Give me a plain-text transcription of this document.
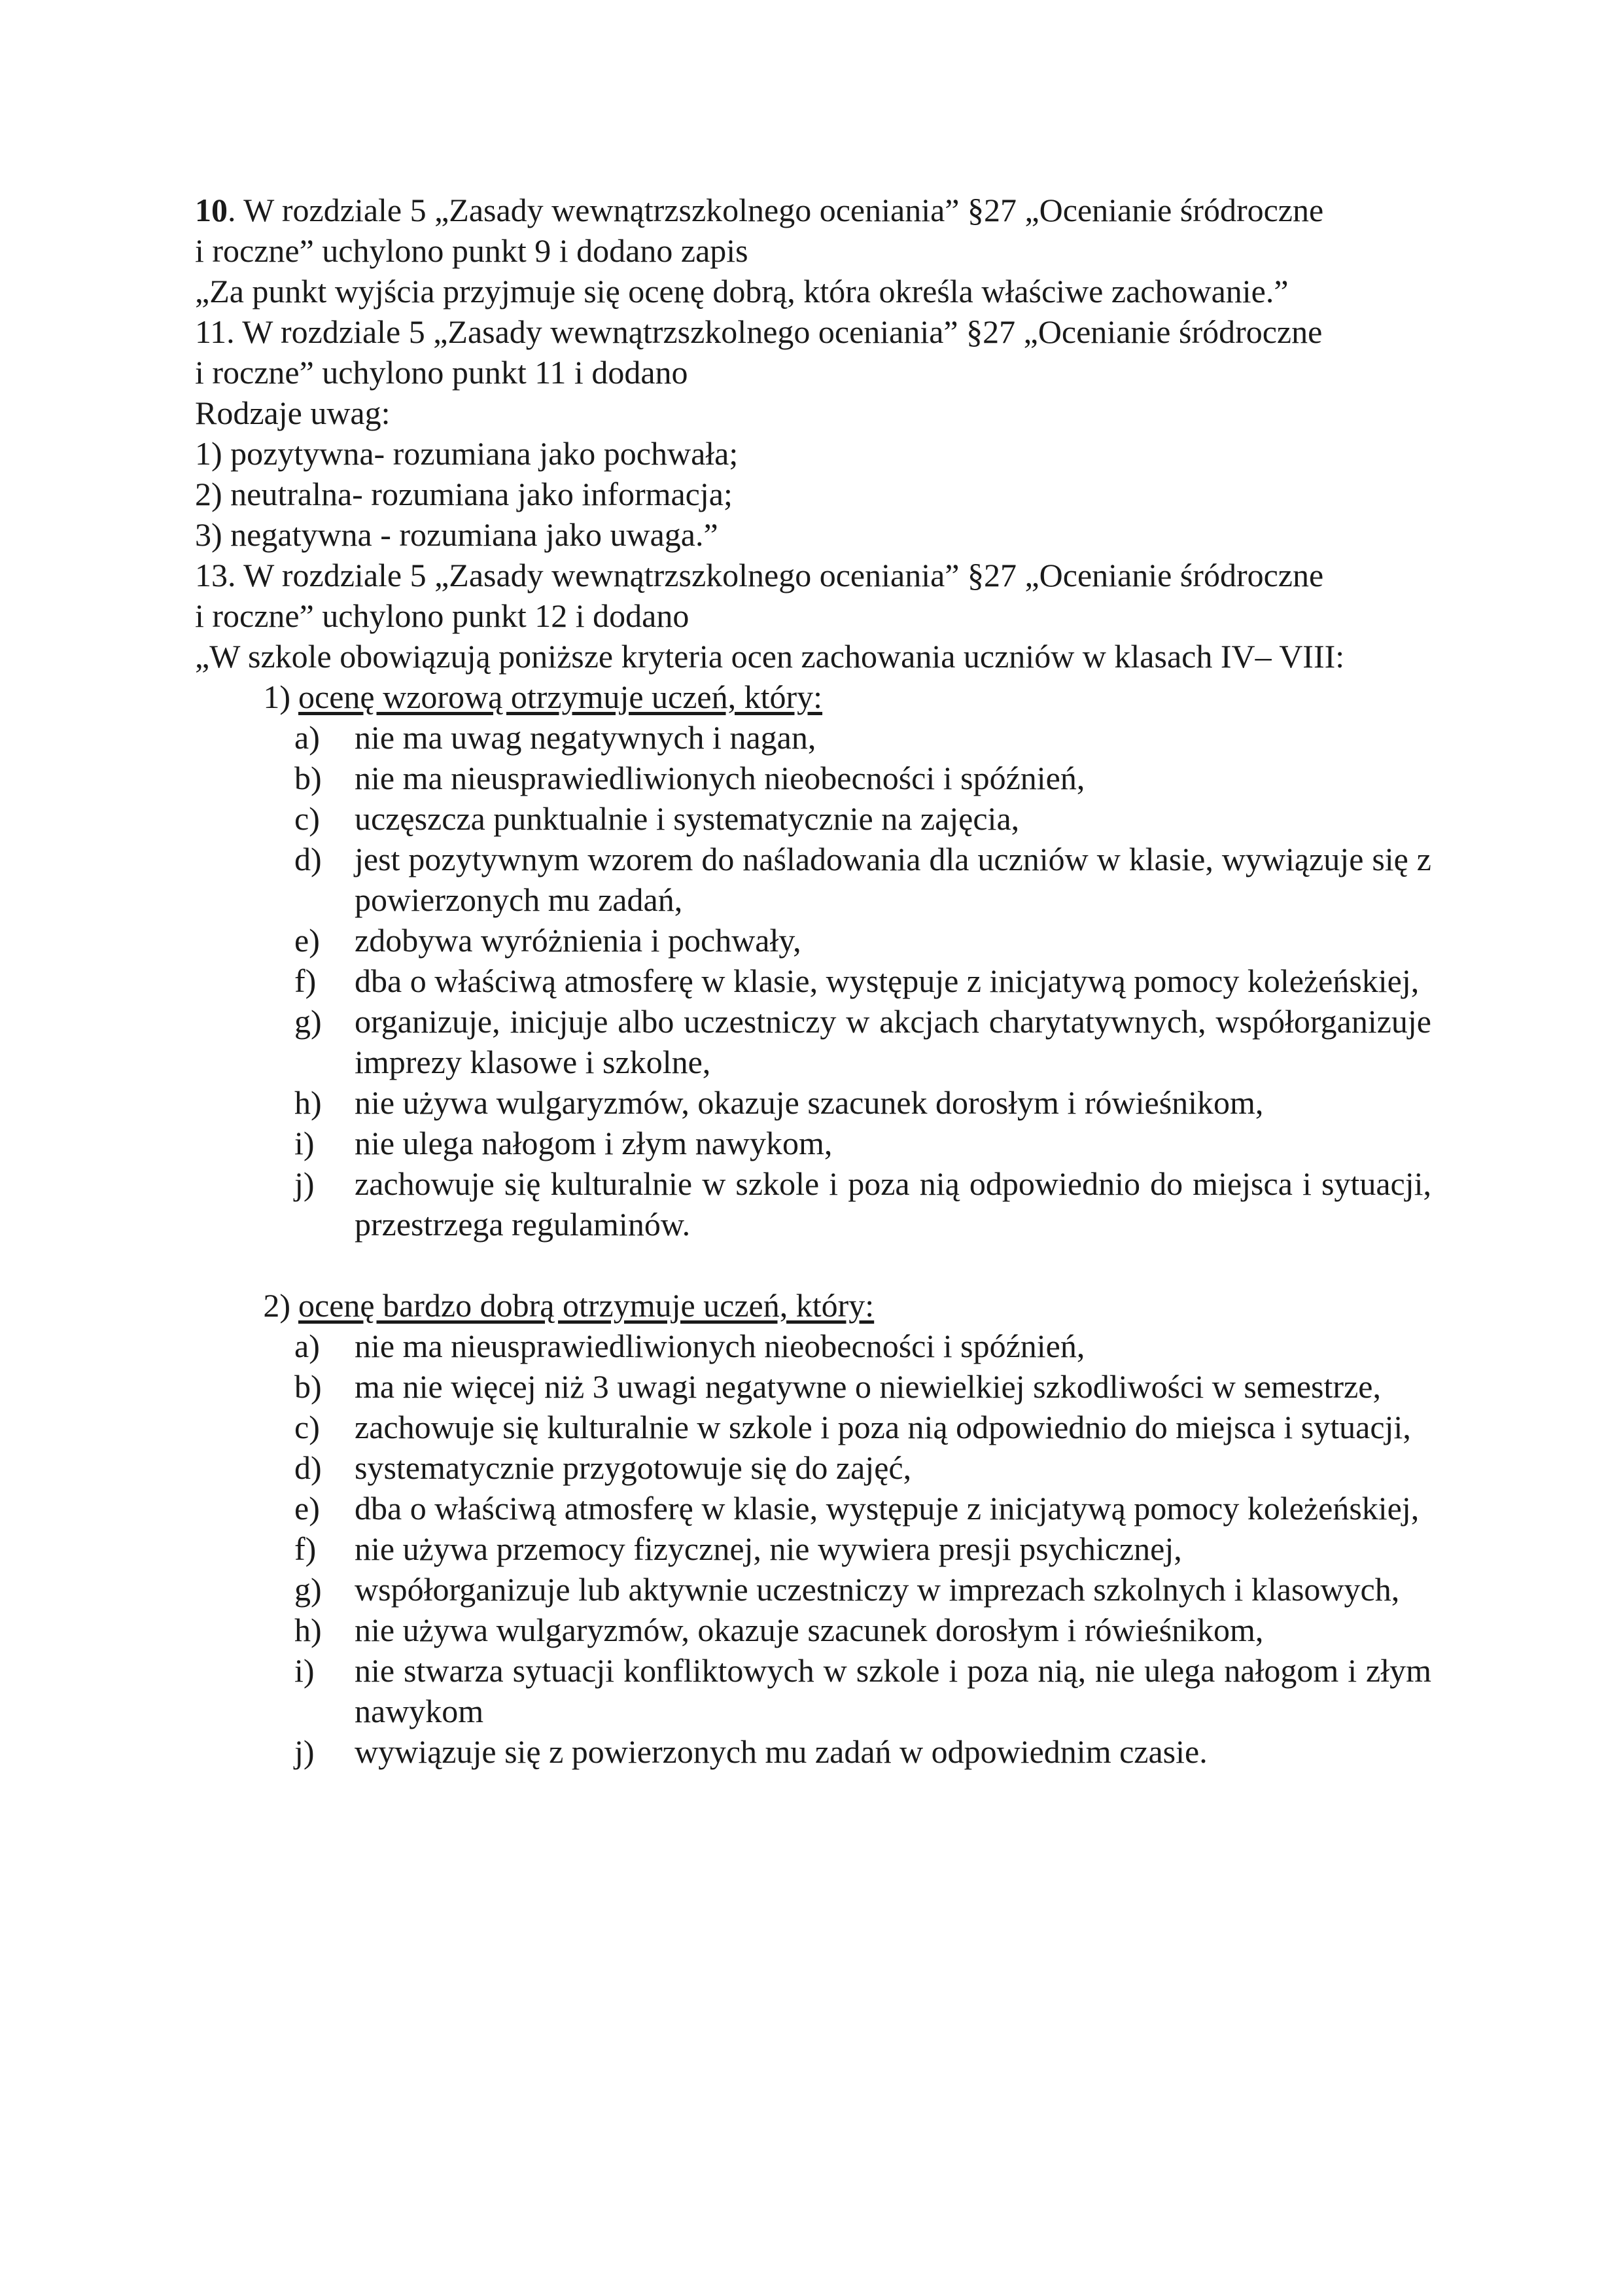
10. W rozdziale 5 „Zasady wewnątrzszkolnego oceniania” §27 „Ocenianie śródroczne

i roczne” uchylono punkt 9 i dodano zapis

„Za punkt wyjścia przyjmuje się ocenę dobrą, która określa właściwe zachowanie.”

11. W rozdziale 5 „Zasady wewnątrzszkolnego oceniania” §27 „Ocenianie śródroczne

i roczne” uchylono punkt 11 i dodano

Rodzaje uwag:

1) pozytywna- rozumiana jako pochwała;

2) neutralna- rozumiana jako informacja;

3) negatywna - rozumiana jako uwaga.”

13. W rozdziale 5 „Zasady wewnątrzszkolnego oceniania” §27 „Ocenianie śródroczne

i roczne” uchylono punkt 12 i dodano

„W szkole obowiązują poniższe kryteria ocen zachowania uczniów w klasach IV– VIII:

1) ocenę wzorową otrzymuje uczeń, który:
a)	nie ma uwag negatywnych i nagan,
b)	nie ma nieusprawiedliwionych nieobecności i spóźnień,
c)	uczęszcza punktualnie i systematycznie na zajęcia,
d)	jest pozytywnym wzorem do naśladowania dla uczniów w klasie, wywiązuje się z powierzonych mu zadań,
e)	zdobywa wyróżnienia i pochwały,
f)	dba o właściwą atmosferę w klasie, występuje z inicjatywą pomocy koleżeńskiej,
g)	organizuje, inicjuje albo uczestniczy w akcjach charytatywnych, współorganizuje imprezy klasowe i szkolne,
h)	nie używa wulgaryzmów, okazuje szacunek dorosłym i rówieśnikom,
i)	nie ulega nałogom i złym nawykom,
j)	zachowuje się kulturalnie w szkole i poza nią odpowiednio do miejsca i sytuacji, przestrzega regulaminów.
2) ocenę bardzo dobrą otrzymuje uczeń, który:
a)	nie ma nieusprawiedliwionych nieobecności i spóźnień,
b)	ma nie więcej niż 3 uwagi negatywne o niewielkiej szkodliwości w semestrze,
c)	zachowuje się kulturalnie w szkole i poza nią odpowiednio do miejsca i sytuacji,
d)	systematycznie przygotowuje się do zajęć,
e)	dba o właściwą atmosferę w klasie, występuje z inicjatywą pomocy koleżeńskiej,
f)	nie używa przemocy fizycznej, nie wywiera presji psychicznej,
g)	współorganizuje lub aktywnie uczestniczy w imprezach szkolnych i klasowych,
h)	nie używa wulgaryzmów, okazuje szacunek dorosłym i rówieśnikom,
i)	nie stwarza sytuacji konfliktowych w szkole i poza nią, nie ulega nałogom i złym nawykom
j)	wywiązuje się z powierzonych mu zadań w odpowiednim czasie.
